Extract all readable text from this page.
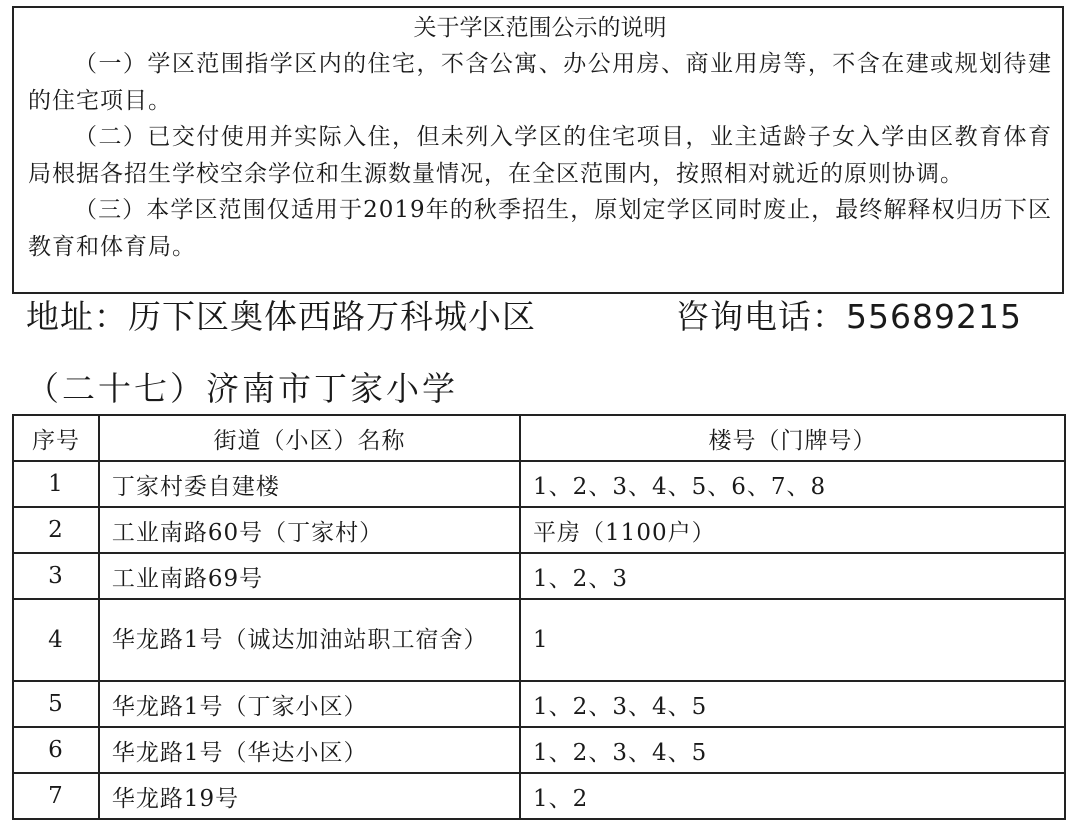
关于学区范围公示的说明

（一）学区范围指学区内的住宅，不含公寓、办公用房、商业用房等，不含在建或规划待建的住宅项目。

（二）已交付使用并实际入住，但未列入学区的住宅项目，业主适龄子女入学由区教育体育局根据各招生学校空余学位和生源数量情况，在全区范围内，按照相对就近的原则协调。

（三）本学区范围仅适用于2019年的秋季招生，原划定学区同时废止，最终解释权归历下区教育和体育局。

地址：历下区奥体西路万科城小区	咨询电话：55689215
（二十七）济南市丁家小学
序号	街道（小区）名称	楼号（门牌号）
1	丁家村委自建楼	1、2、3、4、5、6、7、8
2	工业南路60号（丁家村）	平房（1100户）
3	工业南路69号	1、2、3
4	华龙路1号（诚达加油站职工宿舍）	1
5	华龙路1号（丁家小区）	1、2、3、4、5
6	华龙路1号（华达小区）	1、2、3、4、5
7	华龙路19号	1、2
